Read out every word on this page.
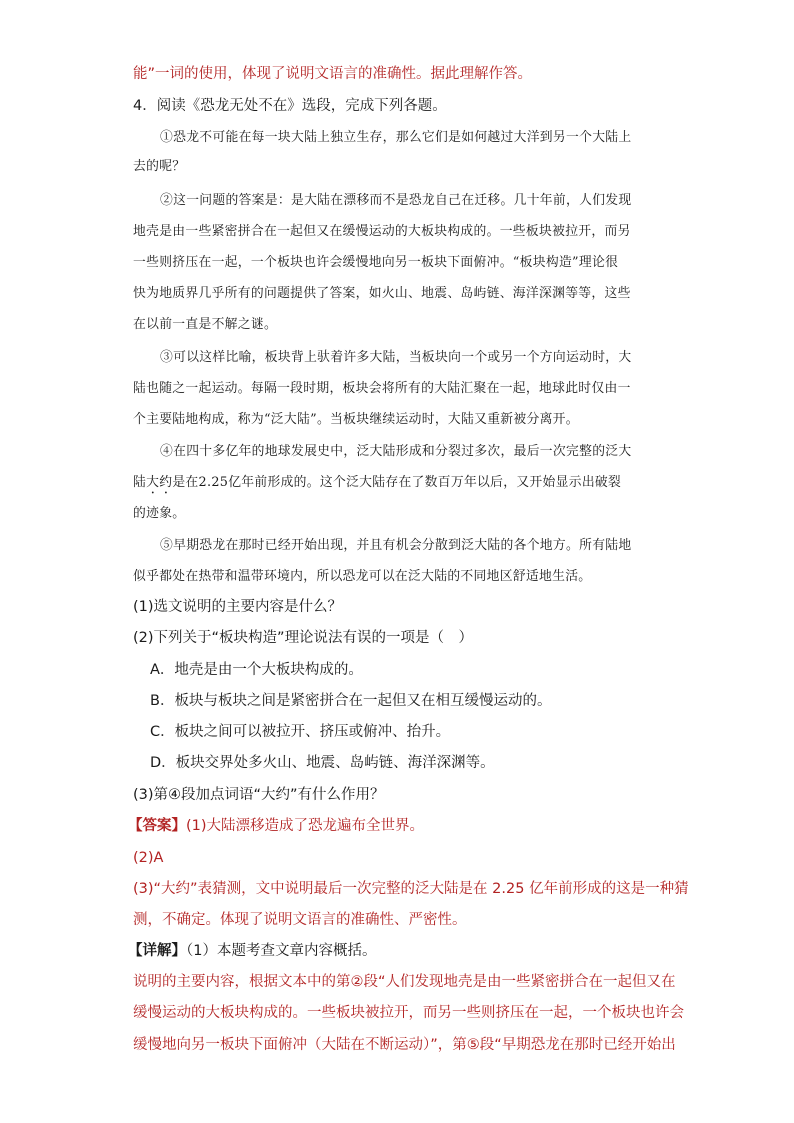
能”一词的使用，体现了说明文语言的准确性。据此理解作答。
4．阅读《恐龙无处不在》选段，完成下列各题。
①恐龙不可能在每一块大陆上独立生存，那么它们是如何越过大洋到另一个大陆上
去的呢？
②这一问题的答案是：是大陆在漂移而不是恐龙自己在迁移。几十年前，人们发现
地壳是由一些紧密拼合在一起但又在缓慢运动的大板块构成的。一些板块被拉开，而另
一些则挤压在一起，一个板块也许会缓慢地向另一板块下面俯冲。“板块构造”理论很
快为地质界几乎所有的问题提供了答案，如火山、地震、岛屿链、海洋深渊等等，这些
在以前一直是不解之谜。
③可以这样比喻，板块背上驮着许多大陆，当板块向一个或另一个方向运动时，大
陆也随之一起运动。每隔一段时期，板块会将所有的大陆汇聚在一起，地球此时仅由一
个主要陆地构成，称为“泛大陆”。当板块继续运动时，大陆又重新被分离开。
④在四十多亿年的地球发展史中，泛大陆形成和分裂过多次，最后一次完整的泛大
陆大约是在2.25亿年前形成的。这个泛大陆存在了数百万年以后，又开始显示出破裂
的迹象。
⑤早期恐龙在那时已经开始出现，并且有机会分散到泛大陆的各个地方。所有陆地
似乎都处在热带和温带环境内，所以恐龙可以在泛大陆的不同地区舒适地生活。
(1)选文说明的主要内容是什么？
(2)下列关于“板块构造”理论说法有误的一项是（　）
A．地壳是由一个大板块构成的。
B．板块与板块之间是紧密拼合在一起但又在相互缓慢运动的。
C．板块之间可以被拉开、挤压或俯冲、抬升。
D．板块交界处多火山、地震、岛屿链、海洋深渊等。
(3)第④段加点词语“大约”有什么作用？
【答案】(1)大陆漂移造成了恐龙遍布全世界。
(2)A
(3)“大约”表猜测，文中说明最后一次完整的泛大陆是在 2.25 亿年前形成的这是一种猜
测，不确定。体现了说明文语言的准确性、严密性。
【详解】（1）本题考查文章内容概括。
说明的主要内容，根据文本中的第②段“人们发现地壳是由一些紧密拼合在一起但又在
缓慢运动的大板块构成的。一些板块被拉开，而另一些则挤压在一起，一个板块也许会
缓慢地向另一板块下面俯冲（大陆在不断运动）”，第⑤段“早期恐龙在那时已经开始出
